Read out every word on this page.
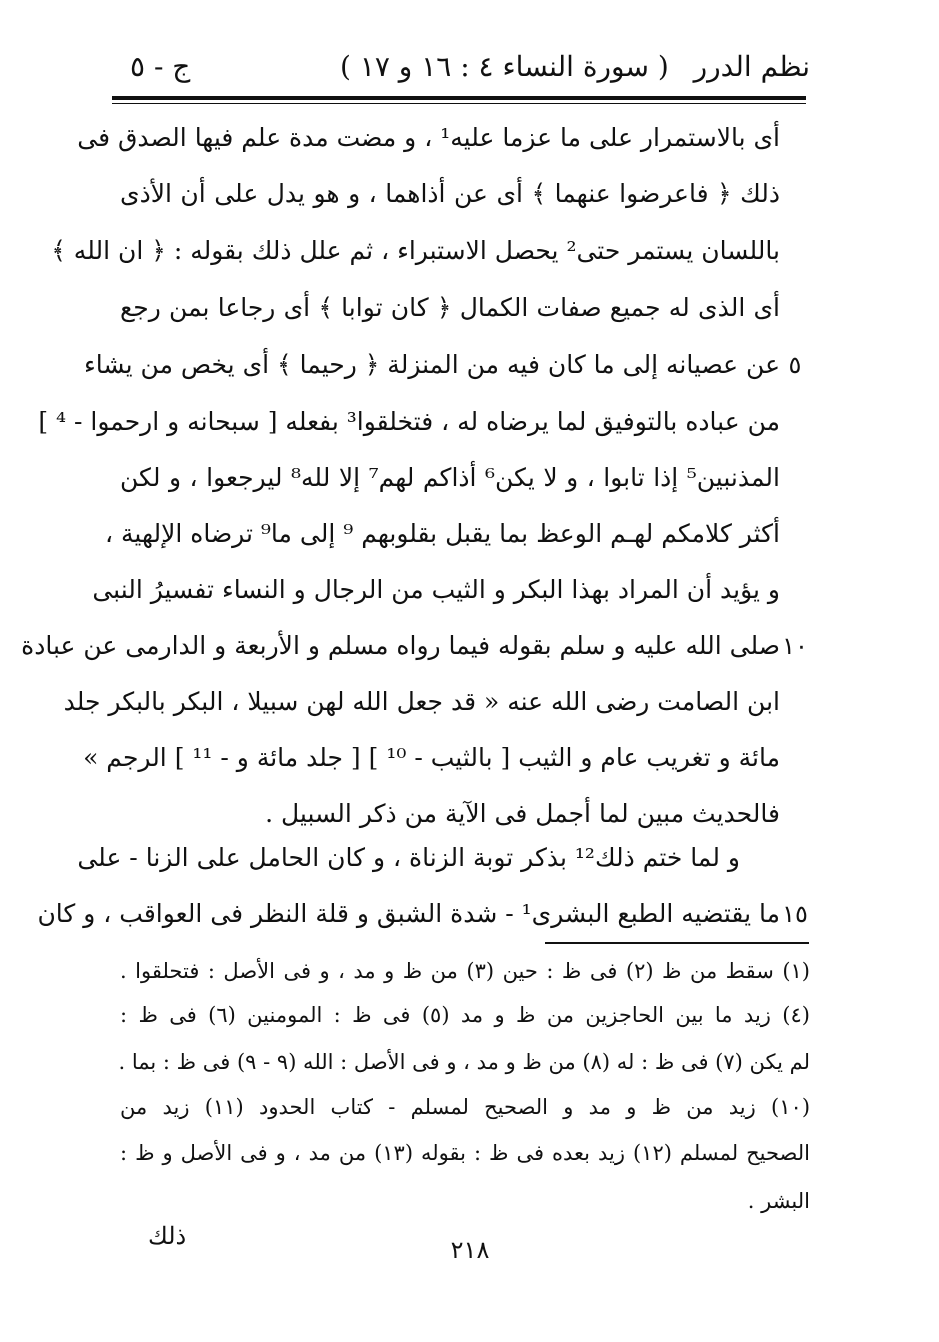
نظم الدرر
( سورة النساء ٤ : ١٦ و ١٧ )
ج - ٥
أى بالاستمرار على ما عزما عليه¹ ، و مضت مدة علم فيها الصدق فى
ذلك ﴿ فاعرضوا عنهما ﴾ أى عن أذاهما ، و هو يدل على أن الأذى
باللسان يستمر حتى² يحصل الاستبراء ، ثم علل ذلك بقوله : ﴿ ان الله ﴾
أى الذى له جميع صفات الكمال ﴿ كان توابا ﴾ أى رجاعا بمن رجع
عن عصيانه إلى ما كان فيه من المنزلة ﴿ رحيما ﴾ أى يخص من يشاء
من عباده بالتوفيق لما يرضاه له ، فتخلقوا³ بفعله [ سبحانه و ارحموا - ⁴ ]
المذنبين⁵ إذا تابوا ، و لا يكن⁶ أذاكم لهم⁷ إلا لله⁸ ليرجعوا ، و لكن
أكثر كلامكم لهـم الوعظ بما يقبل بقلوبهم ⁹ إلى ما⁹ ترضاه الإلهية ،
و يؤيد أن المراد بهذا البكر و الثيب من الرجال و النساء تفسيرُ النبى
صلى الله عليه و سلم بقوله فيما رواه مسلم و الأربعة و الدارمى عن عبادة
ابن الصامت رضى الله عنه « قد جعل الله لهن سبيلا ، البكر بالبكر جلد
مائة و تغريب عام و الثيب [ بالثيب - ¹⁰ ] [ جلد مائة و - ¹¹ ] الرجم »
فالحديث مبين لما أجمل فى الآية من ذكر السبيل .
و لما ختم ذلك¹² بذكر توبة الزناة ، و كان الحامل على الزنا - على
ما يقتضيه الطبع البشرى¹ - شدة الشبق و قلة النظر فى العواقب ، و كان
٥
١٠
١٥
(١) سقط من ظ (٢) فى ظ : حين (٣) من ظ و مد ، و فى الأصل : فتحلقوا .
(٤) زيد ما بين الحاجزين من ظ و مد (٥) فى ظ : المومنين (٦) فى ظ :
لم يكن (٧) فى ظ : له (٨) من ظ و مد ، و فى الأصل : الله (٩ - ٩) فى ظ : بما .
(١٠) زيد من ظ و مد و الصحيح لمسلم - كتاب الحدود (١١) زيد من
الصحيح لمسلم (١٢) زيد بعده فى ظ : بقوله (١٣) من مد ، و فى الأصل و ظ :
البشر .
ذلك	٢١٨
